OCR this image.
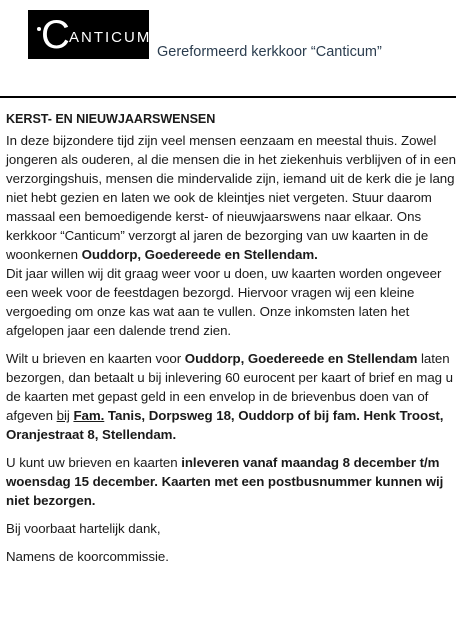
C ANTICUM
Gereformeerd kerkkoor “Canticum”
KERST- EN NIEUWJAARSWENSEN

In deze bijzondere tijd zijn veel mensen eenzaam en meestal thuis. Zowel jongeren als ouderen, al die mensen die in het ziekenhuis verblijven of in een verzorgingshuis, mensen die mindervalide zijn, iemand uit de kerk die je lang niet hebt gezien en laten we ook de kleintjes niet vergeten. Stuur daarom massaal een bemoedigende kerst- of nieuwjaarswens naar elkaar. Ons kerkkoor “Canticum” verzorgt al jaren de bezorging van uw kaarten in de woonkernen Ouddorp, Goedereede en Stellendam.

Dit jaar willen wij dit graag weer voor u doen, uw kaarten worden ongeveer een week voor de feestdagen bezorgd. Hiervoor vragen wij een kleine vergoeding om onze kas wat aan te vullen. Onze inkomsten laten het afgelopen jaar een dalende trend zien.

Wilt u brieven en kaarten voor Ouddorp, Goedereede en Stellendam laten bezorgen, dan betaalt u bij inlevering 60 eurocent per kaart of brief en mag u de kaarten met gepast geld in een envelop in de brievenbus doen van of afgeven bij Fam. Tanis, Dorpsweg 18, Ouddorp of bij fam. Henk Troost, Oranjestraat 8, Stellendam.

U kunt uw brieven en kaarten inleveren vanaf maandag 8 december t/m woensdag 15 december. Kaarten met een postbusnummer kunnen wij niet bezorgen.

Bij voorbaat hartelijk dank,

Namens de koorcommissie.
